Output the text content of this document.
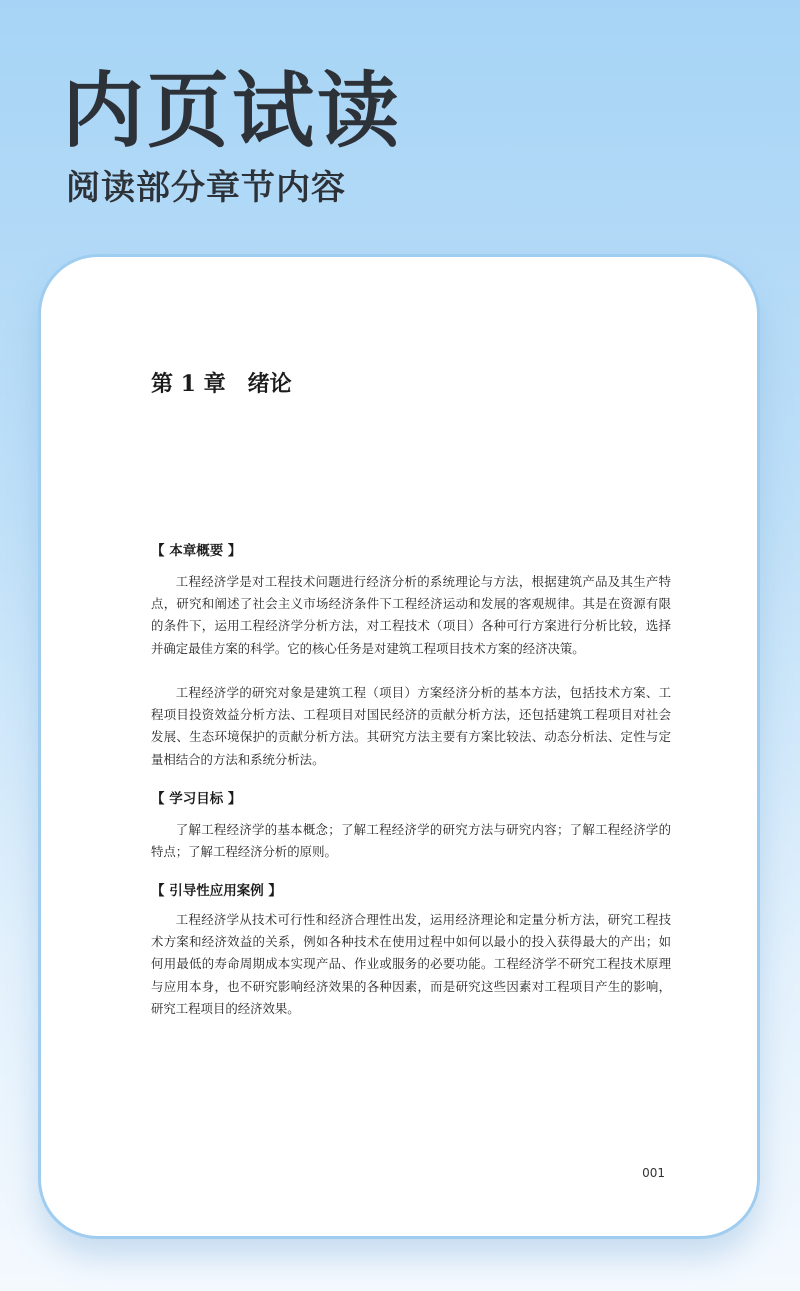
内页试读
阅读部分章节内容
第 1 章　绪论
【 本章概要 】

工程经济学是对工程技术问题进行经济分析的系统理论与方法，根据建筑产品及其生产特点，研究和阐述了社会主义市场经济条件下工程经济运动和发展的客观规律。其是在资源有限的条件下，运用工程经济学分析方法，对工程技术（项目）各种可行方案进行分析比较，选择并确定最佳方案的科学。它的核心任务是对建筑工程项目技术方案的经济决策。

工程经济学的研究对象是建筑工程（项目）方案经济分析的基本方法，包括技术方案、工程项目投资效益分析方法、工程项目对国民经济的贡献分析方法，还包括建筑工程项目对社会发展、生态环境保护的贡献分析方法。其研究方法主要有方案比较法、动态分析法、定性与定量相结合的方法和系统分析法。

【 学习目标 】

了解工程经济学的基本概念；了解工程经济学的研究方法与研究内容；了解工程经济学的特点；了解工程经济分析的原则。

【 引导性应用案例 】

工程经济学从技术可行性和经济合理性出发，运用经济理论和定量分析方法，研究工程技术方案和经济效益的关系，例如各种技术在使用过程中如何以最小的投入获得最大的产出；如何用最低的寿命周期成本实现产品、作业或服务的必要功能。工程经济学不研究工程技术原理与应用本身，也不研究影响经济效果的各种因素，而是研究这些因素对工程项目产生的影响，研究工程项目的经济效果。

001
